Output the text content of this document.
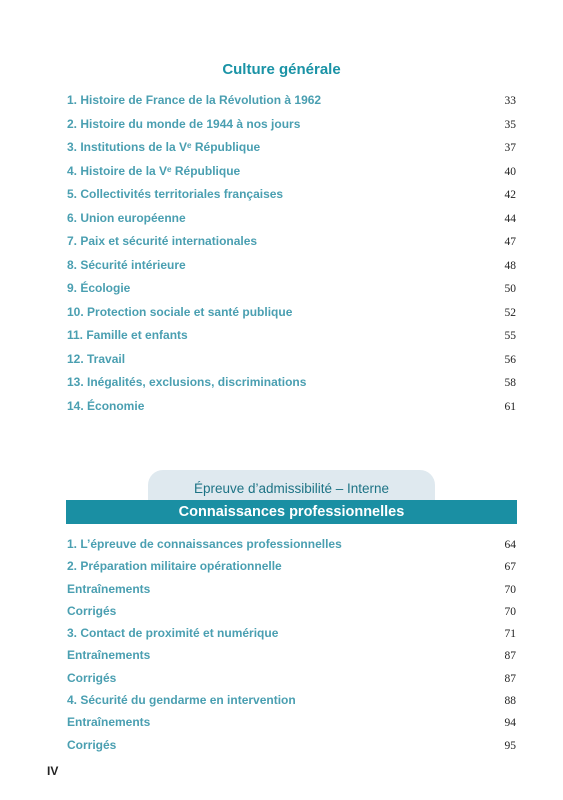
Culture générale
1. Histoire de France de la Révolution à 1962	33
2. Histoire du monde de 1944 à nos jours	35
3. Institutions de la Vᵉ République	37
4. Histoire de la Vᵉ République	40
5. Collectivités territoriales françaises	42
6. Union européenne	44
7. Paix et sécurité internationales	47
8. Sécurité intérieure	48
9. Écologie	50
10. Protection sociale et santé publique	52
11. Famille et enfants	55
12. Travail	56
13. Inégalités, exclusions, discriminations	58
14. Économie	61
Épreuve d’admissibilité – Interne
Connaissances professionnelles
1. L’épreuve de connaissances professionnelles	64
2. Préparation militaire opérationnelle	67
Entraînements	70
Corrigés	70
3. Contact de proximité et numérique	71
Entraînements	87
Corrigés	87
4. Sécurité du gendarme en intervention	88
Entraînements	94
Corrigés	95
IV
